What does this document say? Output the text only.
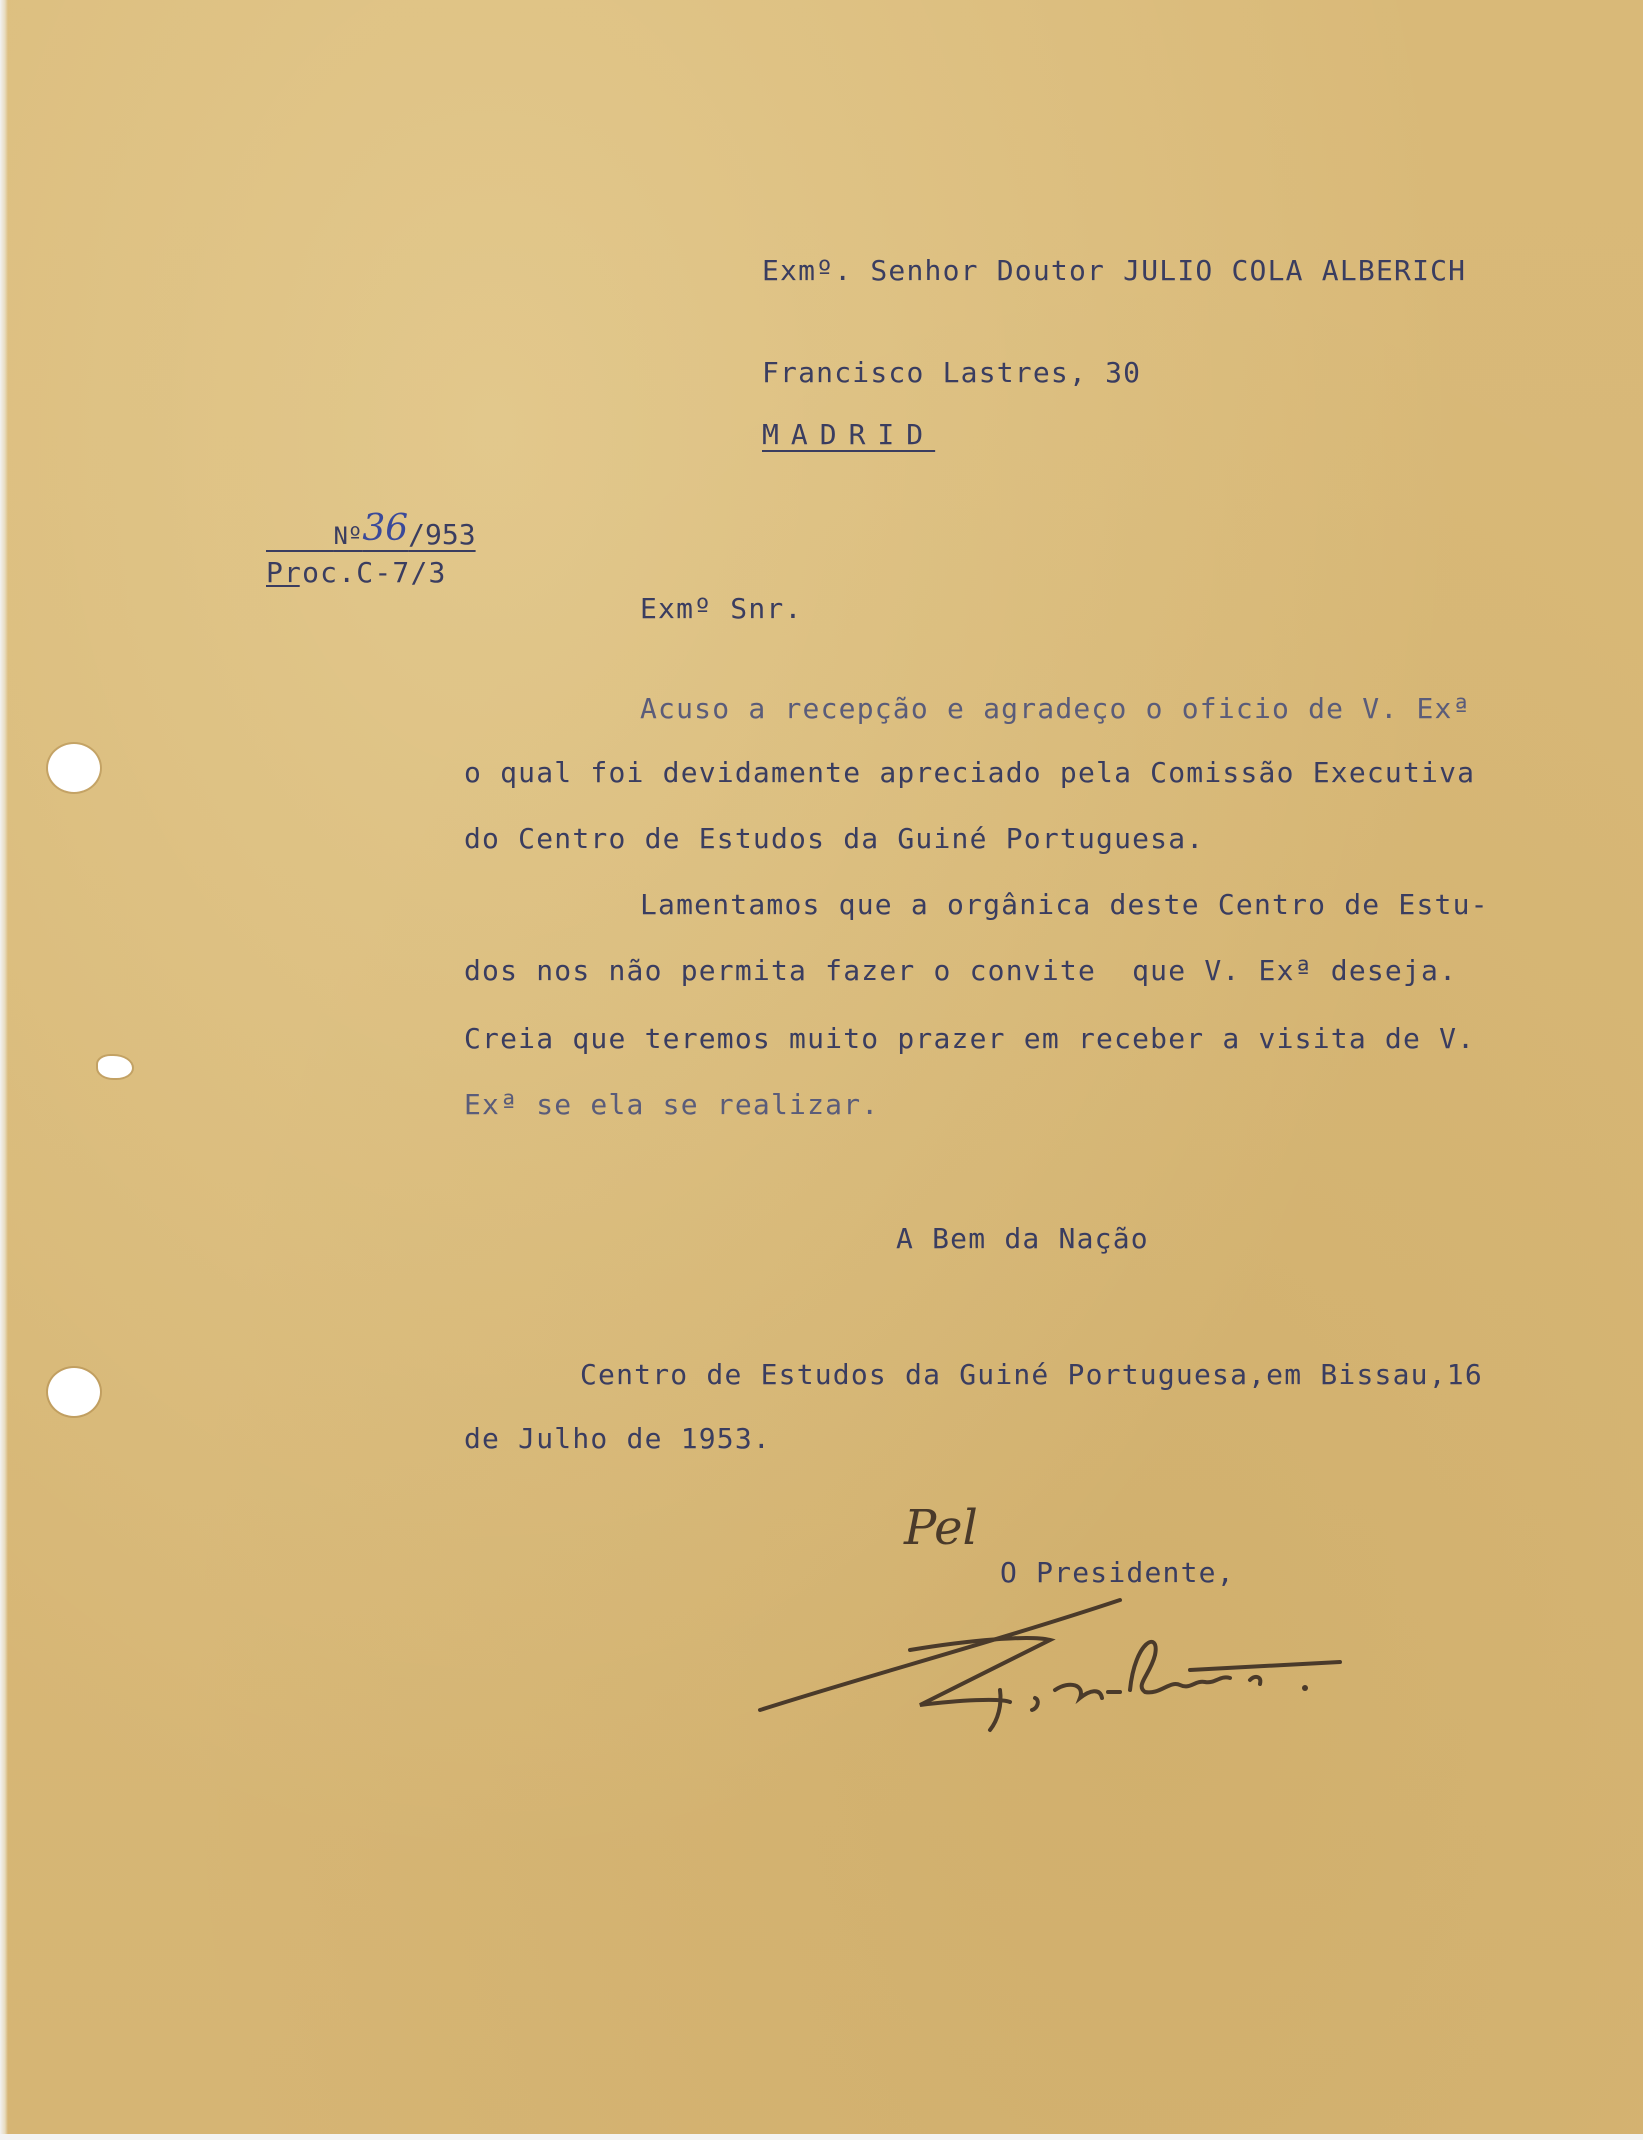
Exmº. Senhor Doutor JULIO COLA ALBERICH
Francisco Lastres, 30
MADRID

Nº36/953

Proc.C-7/3
Exmº Snr.
Acuso a recepção e agradeço o oficio de V. Exª
o qual foi devidamente apreciado pela Comissão Executiva
do Centro de Estudos da Guiné Portuguesa.
Lamentamos que a orgânica deste Centro de Estu-
dos nos não permita fazer o convite  que V. Exª deseja.
Creia que teremos muito prazer em receber a visita de V.
Exª se ela se realizar.
A Bem da Nação
Centro de Estudos da Guiné Portuguesa,em Bissau,16
de Julho de 1953.
Pel
O Presidente,
